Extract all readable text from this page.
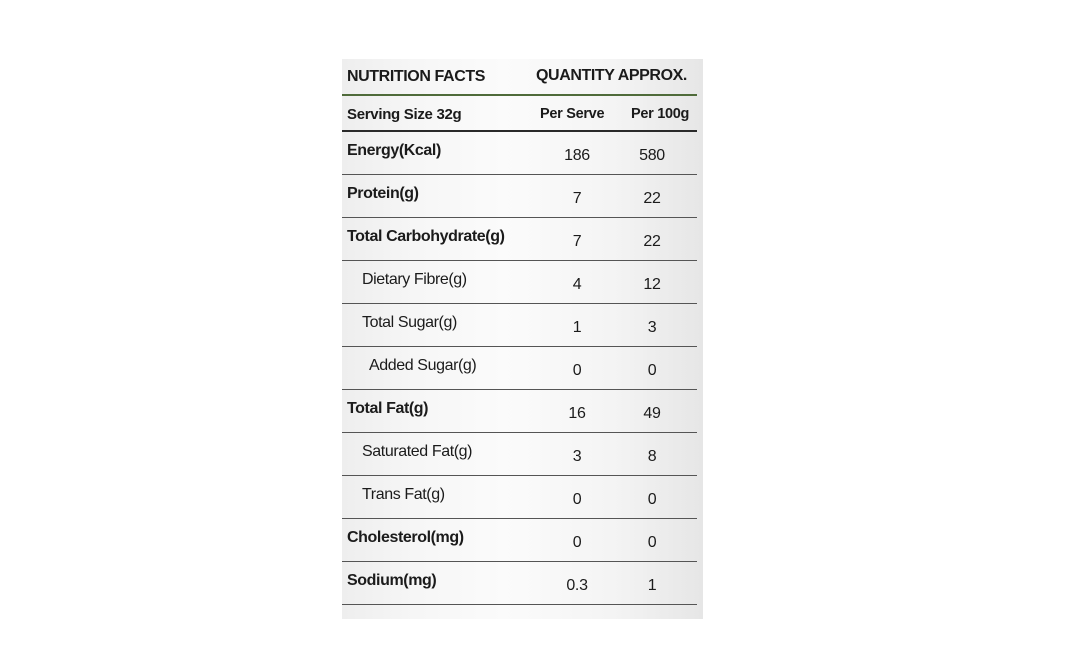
NUTRITION FACTS	QUANTITY APPROX.
Serving Size 32g	Per Serve Per 100g
Energy(Kcal)	186	580
Protein(g)	7	22
Total Carbohydrate(g)	7	22
Dietary Fibre(g)	4	12
Total Sugar(g)	1	3
Added Sugar(g)	0	0
Total Fat(g)	16	49
Saturated Fat(g)	3	8
Trans Fat(g)	0	0
Cholesterol(mg)	0	0
Sodium(mg)	0.3	1
